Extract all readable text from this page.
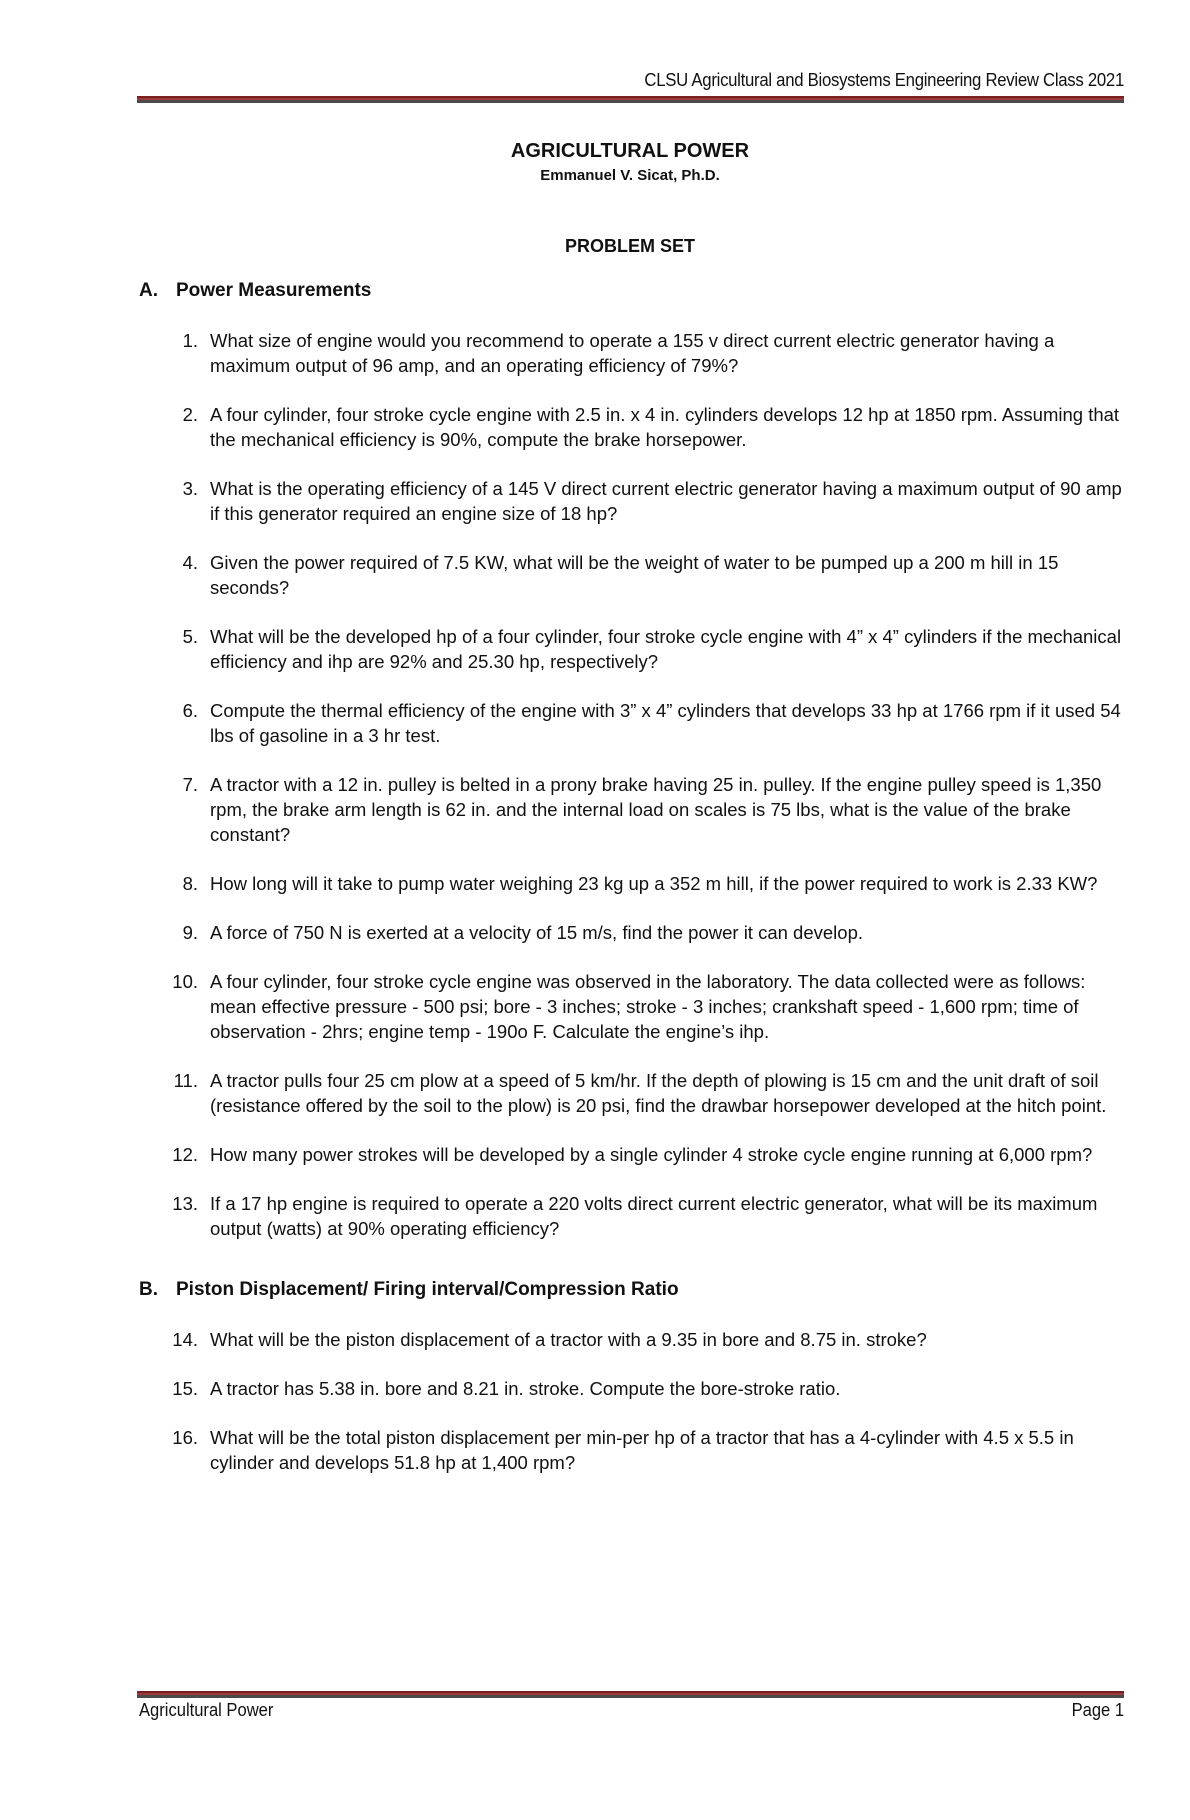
CLSU Agricultural and Biosystems Engineering Review Class 2021
AGRICULTURAL POWER
Emmanuel V. Sicat, Ph.D.
PROBLEM SET
A. Power Measurements
1. What size of engine would you recommend to operate a 155 v direct current electric generator having a maximum output of 96 amp, and an operating efficiency of 79%?
2. A four cylinder, four stroke cycle engine with 2.5 in. x 4 in. cylinders develops 12 hp at 1850 rpm. Assuming that the mechanical efficiency is 90%, compute the brake horsepower.
3. What is the operating efficiency of a 145 V direct current electric generator having a maximum output of 90 amp if this generator required an engine size of 18 hp?
4. Given the power required of 7.5 KW, what will be the weight of water to be pumped up a 200 m hill in 15 seconds?
5. What will be the developed hp of a four cylinder, four stroke cycle engine with 4” x 4” cylinders if the mechanical efficiency and ihp are 92% and 25.30 hp, respectively?
6. Compute the thermal efficiency of the engine with 3” x 4” cylinders that develops 33 hp at 1766 rpm if it used 54 lbs of gasoline in a 3 hr test.
7. A tractor with a 12 in. pulley is belted in a prony brake having 25 in. pulley. If the engine pulley speed is 1,350 rpm, the brake arm length is 62 in. and the internal load on scales is 75 lbs, what is the value of the brake constant?
8. How long will it take to pump water weighing 23 kg up a 352 m hill, if the power required to work is 2.33 KW?
9. A force of 750 N is exerted at a velocity of 15 m/s, find the power it can develop.
10. A four cylinder, four stroke cycle engine was observed in the laboratory. The data collected were as follows: mean effective pressure - 500 psi; bore - 3 inches; stroke - 3 inches; crankshaft speed - 1,600 rpm; time of observation - 2hrs; engine temp - 190o F. Calculate the engine’s ihp.
11. A tractor pulls four 25 cm plow at a speed of 5 km/hr. If the depth of plowing is 15 cm and the unit draft of soil (resistance offered by the soil to the plow) is 20 psi, find the drawbar horsepower developed at the hitch point.
12. How many power strokes will be developed by a single cylinder 4 stroke cycle engine running at 6,000 rpm?
13. If a 17 hp engine is required to operate a 220 volts direct current electric generator, what will be its maximum output (watts) at 90% operating efficiency?
B. Piston Displacement/ Firing interval/Compression Ratio
14. What will be the piston displacement of a tractor with a 9.35 in bore and 8.75 in. stroke?
15. A tractor has 5.38 in. bore and 8.21 in. stroke. Compute the bore-stroke ratio.
16. What will be the total piston displacement per min-per hp of a tractor that has a 4-cylinder with 4.5 x 5.5 in cylinder and develops 51.8 hp at 1,400 rpm?
Agricultural Power	Page 1
